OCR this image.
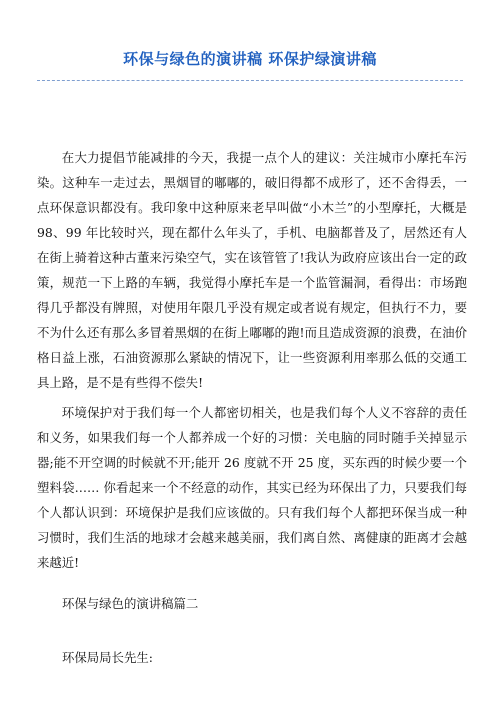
环保与绿色的演讲稿 环保护绿演讲稿

在大力提倡节能减排的今天，我提一点个人的建议：关注城市小摩托车污染。这种车一走过去，黑烟冒的嘟嘟的，破旧得都不成形了，还不舍得丢，一点环保意识都没有。我印象中这种原来老早叫做“小木兰”的小型摩托，大概是 98、99 年比较时兴，现在都什么年头了，手机、电脑都普及了，居然还有人在街上骑着这种古董来污染空气，实在该管管了!我认为政府应该出台一定的政策，规范一下上路的车辆，我觉得小摩托车是一个监管漏洞，看得出：市场跑得几乎都没有牌照，对使用年限几乎没有规定或者说有规定，但执行不力，要不为什么还有那么多冒着黑烟的在街上嘟嘟的跑!而且造成资源的浪费，在油价格日益上涨，石油资源那么紧缺的情况下，让一些资源利用率那么低的交通工具上路，是不是有些得不偿失!

环境保护对于我们每一个人都密切相关，也是我们每个人义不容辞的责任和义务，如果我们每一个人都养成一个好的习惯：关电脑的同时随手关掉显示器;能不开空调的时候就不开;能开 26 度就不开 25 度，买东西的时候少要一个塑料袋…… 你看起来一个不经意的动作，其实已经为环保出了力，只要我们每个人都认识到：环境保护是我们应该做的。只有我们每个人都把环保当成一种习惯时，我们生活的地球才会越来越美丽，我们离自然、离健康的距离才会越来越近!

环保与绿色的演讲稿篇二

环保局局长先生:
